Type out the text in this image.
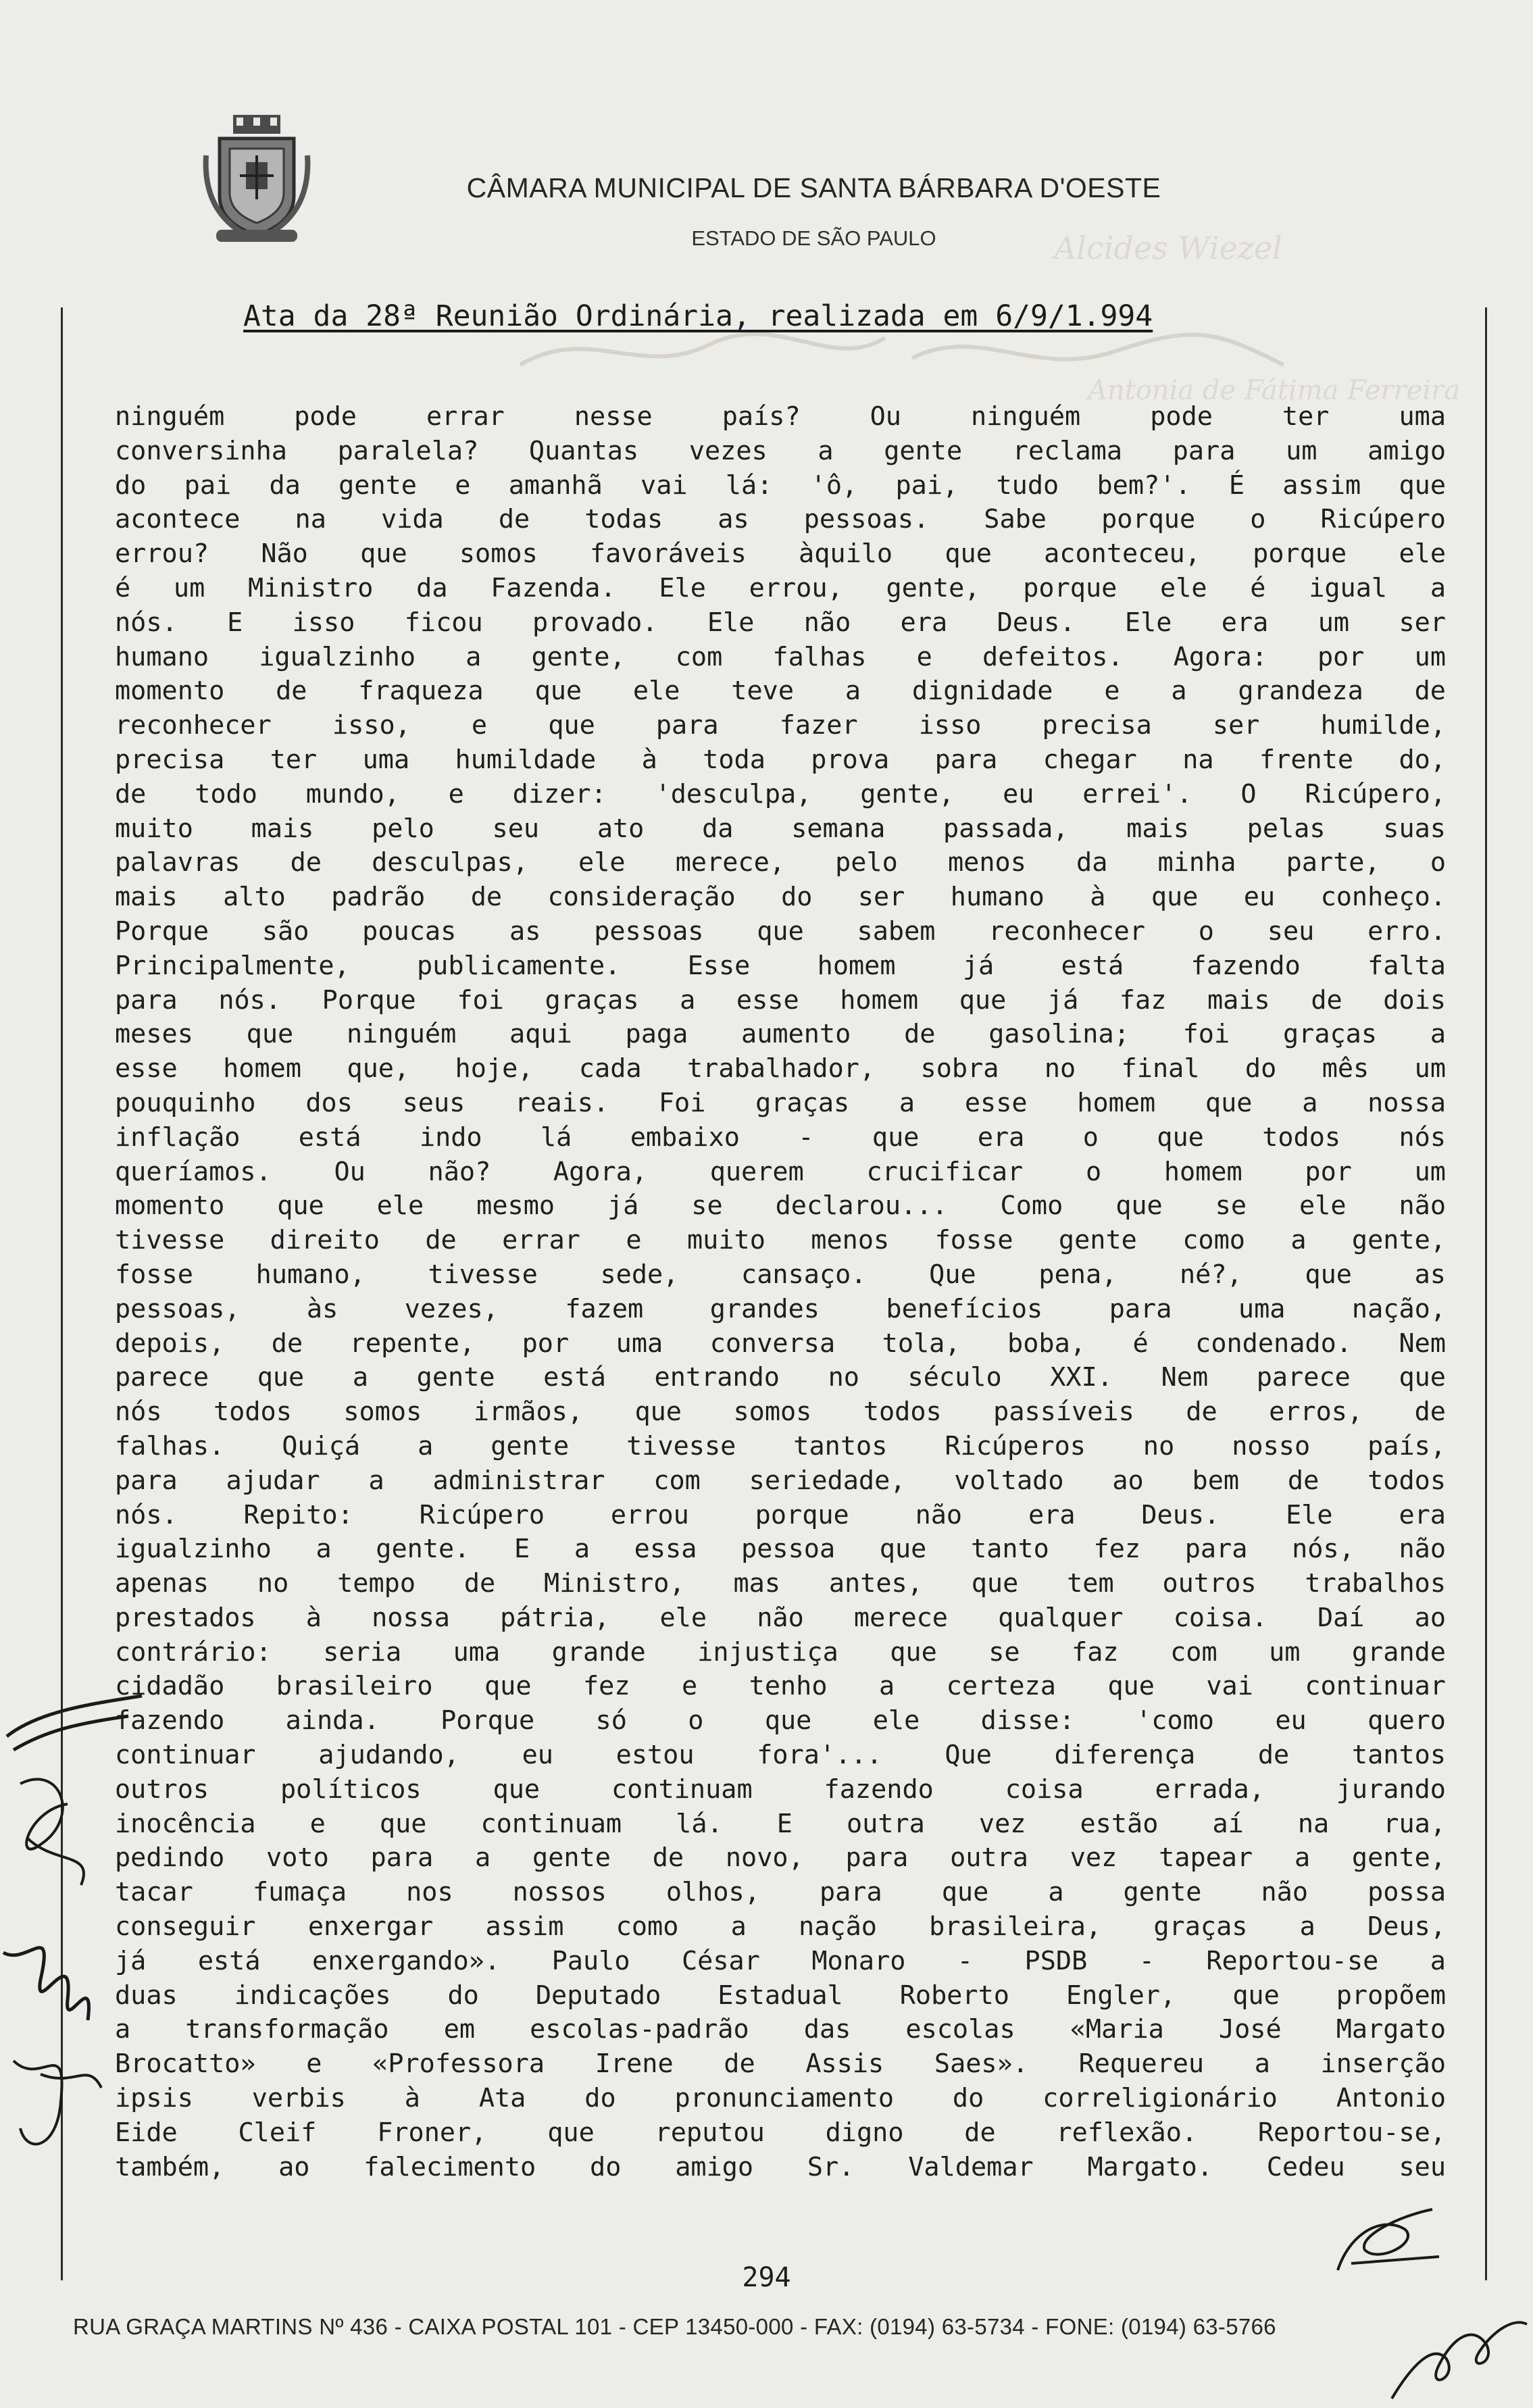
Alcides Wiezel
Antonia de Fátima Ferreira
CÂMARA MUNICIPAL DE SANTA BÁRBARA D'OESTE
ESTADO DE SÃO PAULO
Ata da 28ª Reunião Ordinária, realizada em 6/9/1.994
ninguém pode errar nesse país? Ou ninguém pode ter uma
conversinha paralela? Quantas vezes a gente reclama para um amigo
do pai da gente e amanhã vai lá: 'ô, pai, tudo bem?'. É assim que
acontece na vida de todas as pessoas. Sabe porque o Ricúpero
errou? Não que somos favoráveis àquilo que aconteceu, porque ele
é um Ministro da Fazenda. Ele errou, gente, porque ele é igual a
nós. E isso ficou provado. Ele não era Deus. Ele era um ser
humano igualzinho a gente, com falhas e defeitos. Agora: por um
momento de fraqueza que ele teve a dignidade e a grandeza de
reconhecer isso, e que para fazer isso precisa ser humilde,
precisa ter uma humildade à toda prova para chegar na frente do,
de todo mundo, e dizer: 'desculpa, gente, eu errei'. O Ricúpero,
muito mais pelo seu ato da semana passada, mais pelas suas
palavras de desculpas, ele merece, pelo menos da minha parte, o
mais alto padrão de consideração do ser humano à que eu conheço.
Porque são poucas as pessoas que sabem reconhecer o seu erro.
Principalmente, publicamente. Esse homem já está fazendo falta
para nós. Porque foi graças a esse homem que já faz mais de dois
meses que ninguém aqui paga aumento de gasolina; foi graças a
esse homem que, hoje, cada trabalhador, sobra no final do mês um
pouquinho dos seus reais. Foi graças a esse homem que a nossa
inflação está indo lá embaixo - que era o que todos nós
queríamos. Ou não? Agora, querem crucificar o homem por um
momento que ele mesmo já se declarou... Como que se ele não
tivesse direito de errar e muito menos fosse gente como a gente,
fosse humano, tivesse sede, cansaço. Que pena, né?, que as
pessoas, às vezes, fazem grandes benefícios para uma nação,
depois, de repente, por uma conversa tola, boba, é condenado. Nem
parece que a gente está entrando no século XXI. Nem parece que
nós todos somos irmãos, que somos todos passíveis de erros, de
falhas. Quiçá a gente tivesse tantos Ricúperos no nosso país,
para ajudar a administrar com seriedade, voltado ao bem de todos
nós. Repito: Ricúpero errou porque não era Deus. Ele era
igualzinho a gente. E a essa pessoa que tanto fez para nós, não
apenas no tempo de Ministro, mas antes, que tem outros trabalhos
prestados à nossa pátria, ele não merece qualquer coisa. Daí ao
contrário: seria uma grande injustiça que se faz com um grande
cidadão brasileiro que fez e tenho a certeza que vai continuar
fazendo ainda. Porque só o que ele disse: 'como eu quero
continuar ajudando, eu estou fora'... Que diferença de tantos
outros políticos que continuam fazendo coisa errada, jurando
inocência e que continuam lá. E outra vez estão aí na rua,
pedindo voto para a gente de novo, para outra vez tapear a gente,
tacar fumaça nos nossos olhos, para que a gente não possa
conseguir enxergar assim como a nação brasileira, graças a Deus,
já está enxergando». Paulo César Monaro - PSDB - Reportou-se a
duas indicações do Deputado Estadual Roberto Engler, que propõem
a transformação em escolas-padrão das escolas «Maria José Margato
Brocatto» e «Professora Irene de Assis Saes». Requereu a inserção
ipsis verbis à Ata do pronunciamento do correligionário Antonio
Eide Cleif Froner, que reputou digno de reflexão. Reportou-se,
também, ao falecimento do amigo Sr. Valdemar Margato. Cedeu seu
294
RUA GRAÇA MARTINS Nº 436 - CAIXA POSTAL 101 - CEP 13450-000 - FAX: (0194) 63-5734 - FONE: (0194) 63-5766
